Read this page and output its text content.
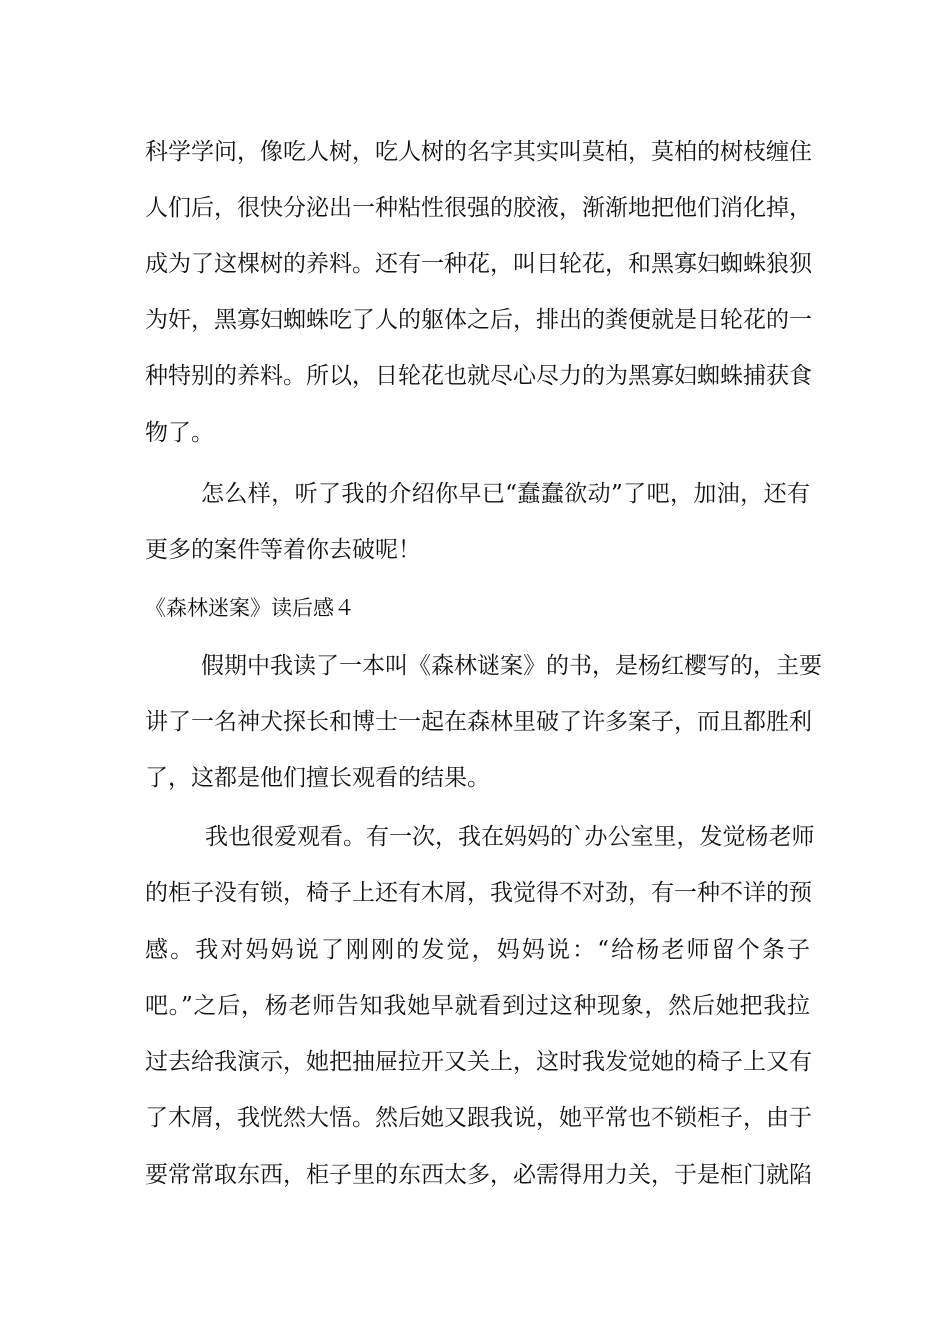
科学学问，像吃人树，吃人树的名字其实叫莫柏，莫柏的树枝缠住
人们后，很快分泌出一种粘性很强的胶液，渐渐地把他们消化掉，
成为了这棵树的养料。还有一种花，叫日轮花，和黑寡妇蜘蛛狼狈
为奸，黑寡妇蜘蛛吃了人的躯体之后，排出的粪便就是日轮花的一
种特别的养料。所以，日轮花也就尽心尽力的为黑寡妇蜘蛛捕获食
物了。
怎么样，听了我的介绍你早已“蠢蠢欲动”了吧，加油，还有
更多的案件等着你去破呢！
《森林迷案》读后感４
假期中我读了一本叫《森林谜案》的书，是杨红樱写的，主要
讲了一名神犬探长和博士一起在森林里破了许多案子，而且都胜利
了，这都是他们擅长观看的结果。
我也很爱观看。有一次，我在妈妈的`办公室里，发觉杨老师
的柜子没有锁，椅子上还有木屑，我觉得不对劲，有一种不详的预
感。我对妈妈说了刚刚的发觉，妈妈说：“给杨老师留个条子
吧。”之后，杨老师告知我她早就看到过这种现象，然后她把我拉
过去给我演示，她把抽屉拉开又关上，这时我发觉她的椅子上又有
了木屑，我恍然大悟。然后她又跟我说，她平常也不锁柜子，由于
要常常取东西，柜子里的东西太多，必需得用力关，于是柜门就陷
